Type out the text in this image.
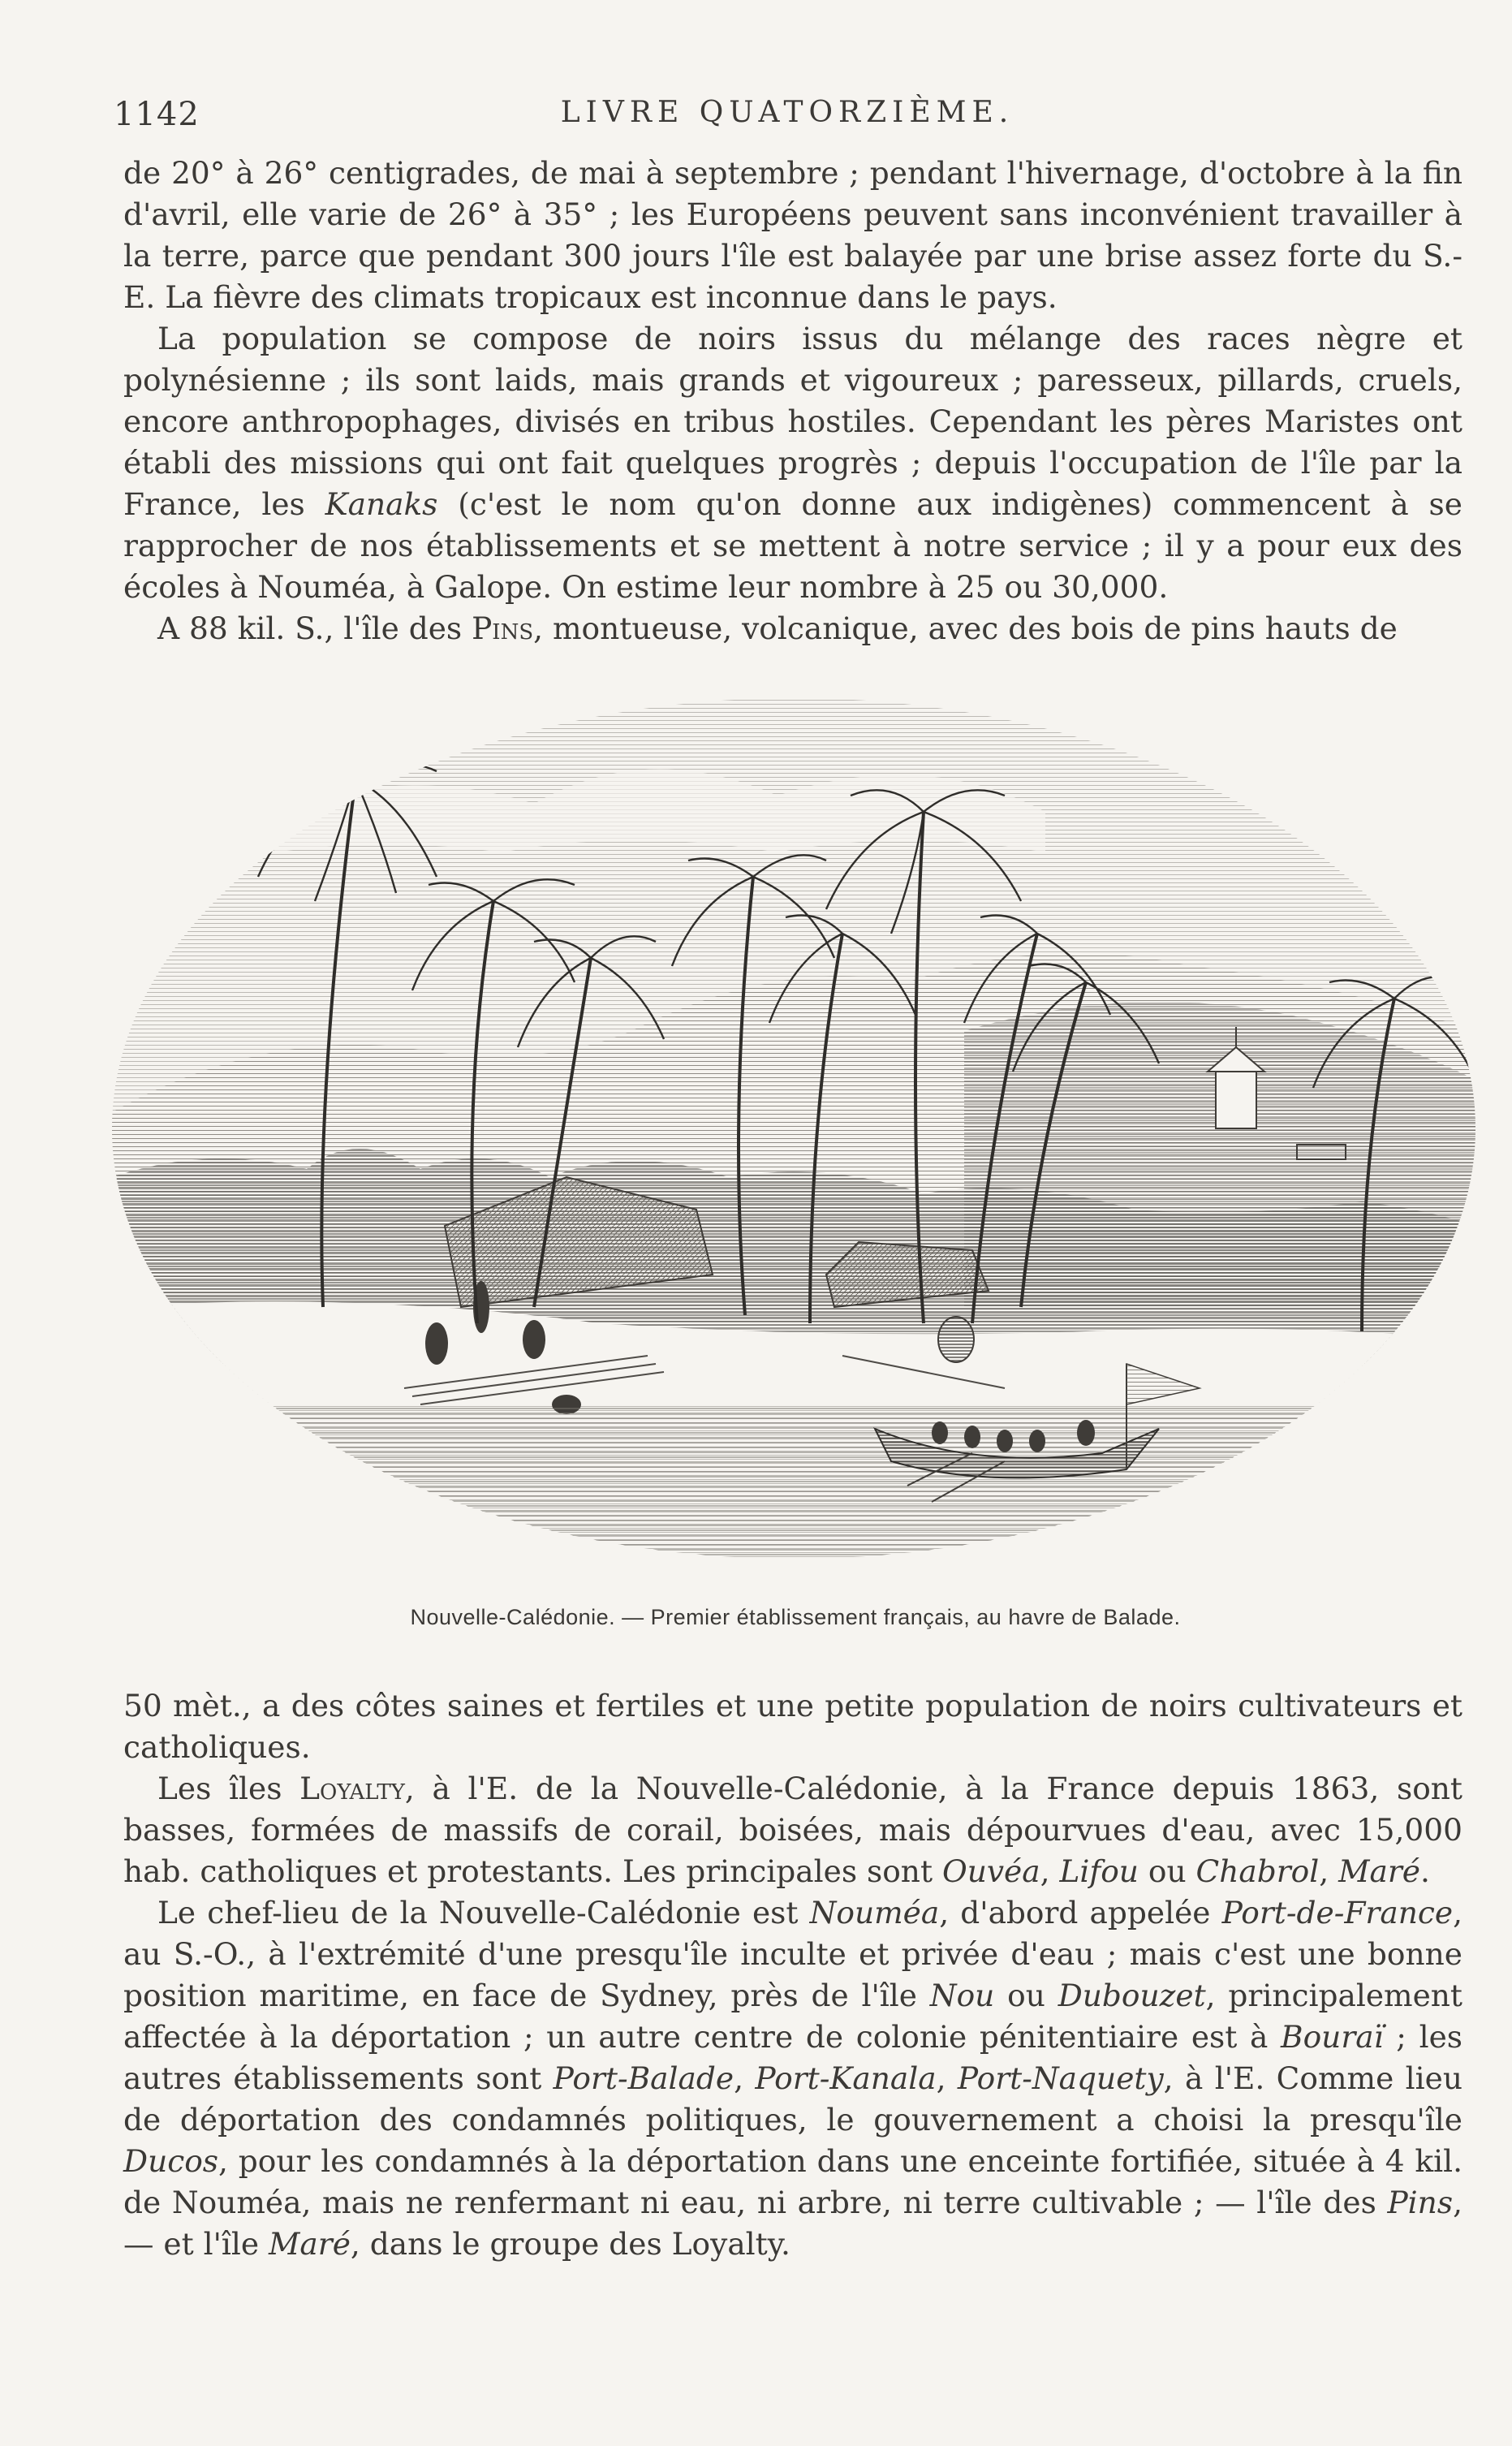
1142	LIVRE QUATORZIÈME.

de 20° à 26° centigrades, de mai à septembre ; pendant l'hivernage, d'octobre à la fin d'avril, elle varie de 26° à 35° ; les Européens peuvent sans inconvénient travailler à la terre, parce que pendant 300 jours l'île est balayée par une brise assez forte du S.-E. La fièvre des climats tropicaux est inconnue dans le pays.

La population se compose de noirs issus du mélange des races nègre et polynésienne ; ils sont laids, mais grands et vigoureux ; paresseux, pillards, cruels, encore anthropophages, divisés en tribus hostiles. Cependant les pères Maristes ont établi des missions qui ont fait quelques progrès ; depuis l'occupation de l'île par la France, les Kanaks (c'est le nom qu'on donne aux indigènes) commencent à se rapprocher de nos établissements et se mettent à notre service ; il y a pour eux des écoles à Nouméa, à Galope. On estime leur nombre à 25 ou 30,000.

A 88 kil. S., l'île des Pins, montueuse, volcanique, avec des bois de pins hauts de

Nouvelle-Calédonie. — Premier établissement français, au havre de Balade.

50 mèt., a des côtes saines et fertiles et une petite population de noirs cultivateurs et catholiques.

Les îles Loyalty, à l'E. de la Nouvelle-Calédonie, à la France depuis 1863, sont basses, formées de massifs de corail, boisées, mais dépourvues d'eau, avec 15,000 hab. catholiques et protestants. Les principales sont Ouvéa, Lifou ou Chabrol, Maré.

Le chef-lieu de la Nouvelle-Calédonie est Nouméa, d'abord appelée Port-de-France, au S.-O., à l'extrémité d'une presqu'île inculte et privée d'eau ; mais c'est une bonne position maritime, en face de Sydney, près de l'île Nou ou Dubouzet, principalement affectée à la déportation ; un autre centre de colonie pénitentiaire est à Bouraï ; les autres établissements sont Port-Balade, Port-Kanala, Port-Naquety, à l'E. Comme lieu de déportation des condamnés politiques, le gouvernement a choisi la presqu'île Ducos, pour les condamnés à la déportation dans une enceinte fortifiée, située à 4 kil. de Nouméa, mais ne renfermant ni eau, ni arbre, ni terre cultivable ; — l'île des Pins, — et l'île Maré, dans le groupe des Loyalty.
